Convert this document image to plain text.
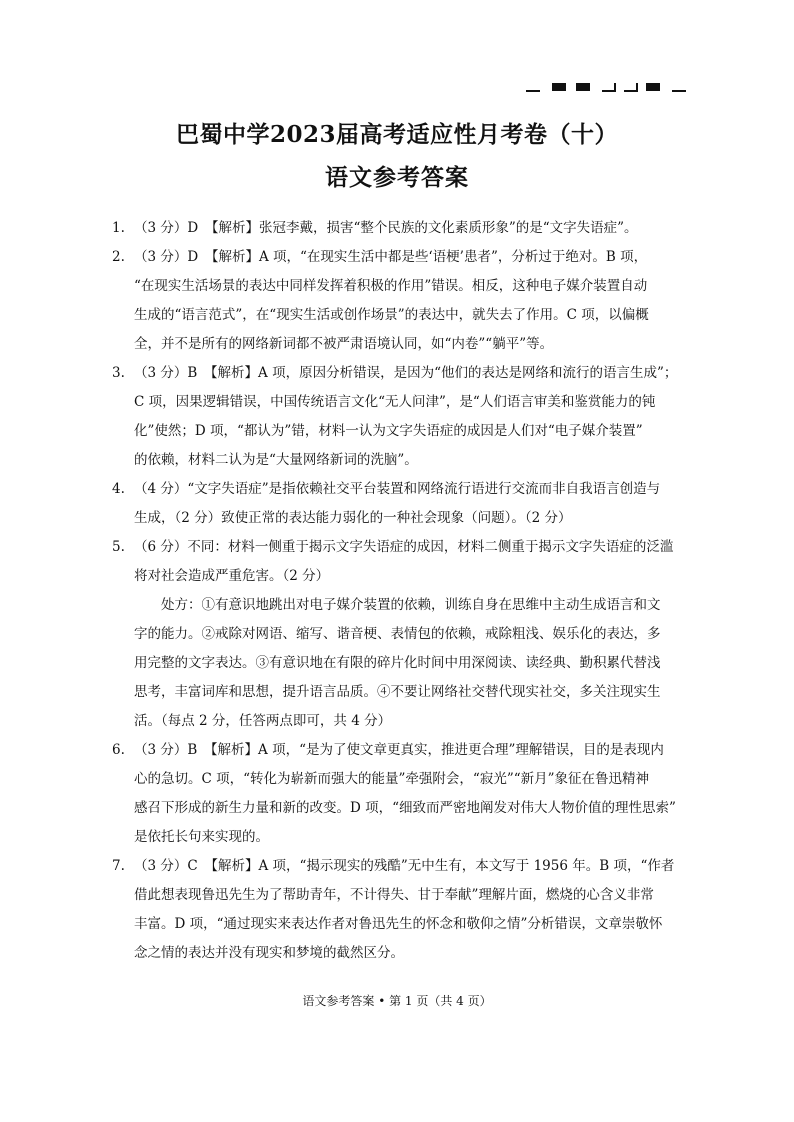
巴蜀中学2023届高考适应性月考卷（十）
语文参考答案
1. （3 分）D　【解析】张冠李戴，损害“整个民族的文化素质形象”的是“文字失语症”。
2. （3 分）D　【解析】A 项，“在现实生活中都是些‘语梗’患者”，分析过于绝对。B 项，
“在现实生活场景的表达中同样发挥着积极的作用”错误。相反，这种电子媒介装置自动
生成的“语言范式”，在“现实生活或创作场景”的表达中，就失去了作用。C 项，以偏概
全，并不是所有的网络新词都不被严肃语境认同，如“内卷”“躺平”等。
3. （3 分）B　【解析】A 项，原因分析错误，是因为“他们的表达是网络和流行的语言生成”；
C 项，因果逻辑错误，中国传统语言文化“无人问津”，是“人们语言审美和鉴赏能力的钝
化”使然；D 项，“都认为”错，材料一认为文字失语症的成因是人们对“电子媒介装置”
的依赖，材料二认为是“大量网络新词的洗脑”。
4. （4 分）“文字失语症”是指依赖社交平台装置和网络流行语进行交流而非自我语言创造与
生成，（2 分）致使正常的表达能力弱化的一种社会现象（问题）。（2 分）
5. （6 分）不同：材料一侧重于揭示文字失语症的成因，材料二侧重于揭示文字失语症的泛滥
将对社会造成严重危害。（2 分）
处方：①有意识地跳出对电子媒介装置的依赖，训练自身在思维中主动生成语言和文
字的能力。②戒除对网语、缩写、谐音梗、表情包的依赖，戒除粗浅、娱乐化的表达，多
用完整的文字表达。③有意识地在有限的碎片化时间中用深阅读、读经典、勤积累代替浅
思考，丰富词库和思想，提升语言品质。④不要让网络社交替代现实社交，多关注现实生
活。（每点 2 分，任答两点即可，共 4 分）
6. （3 分）B　【解析】A 项，“是为了使文章更真实，推进更合理”理解错误，目的是表现内
心的急切。C 项，“转化为崭新而强大的能量”牵强附会，“寂光”“新月”象征在鲁迅精神
感召下形成的新生力量和新的改变。D 项，“细致而严密地阐发对伟大人物价值的理性思索”
是依托长句来实现的。
7. （3 分）C　【解析】A 项，“揭示现实的残酷”无中生有，本文写于 1956 年。B 项，“作者
借此想表现鲁迅先生为了帮助青年，不计得失、甘于奉献”理解片面，燃烧的心含义非常
丰富。D 项，“通过现实来表达作者对鲁迅先生的怀念和敬仰之情”分析错误，文章崇敬怀
念之情的表达并没有现实和梦境的截然区分。
语文参考答案 • 第 1 页（共 4 页）
